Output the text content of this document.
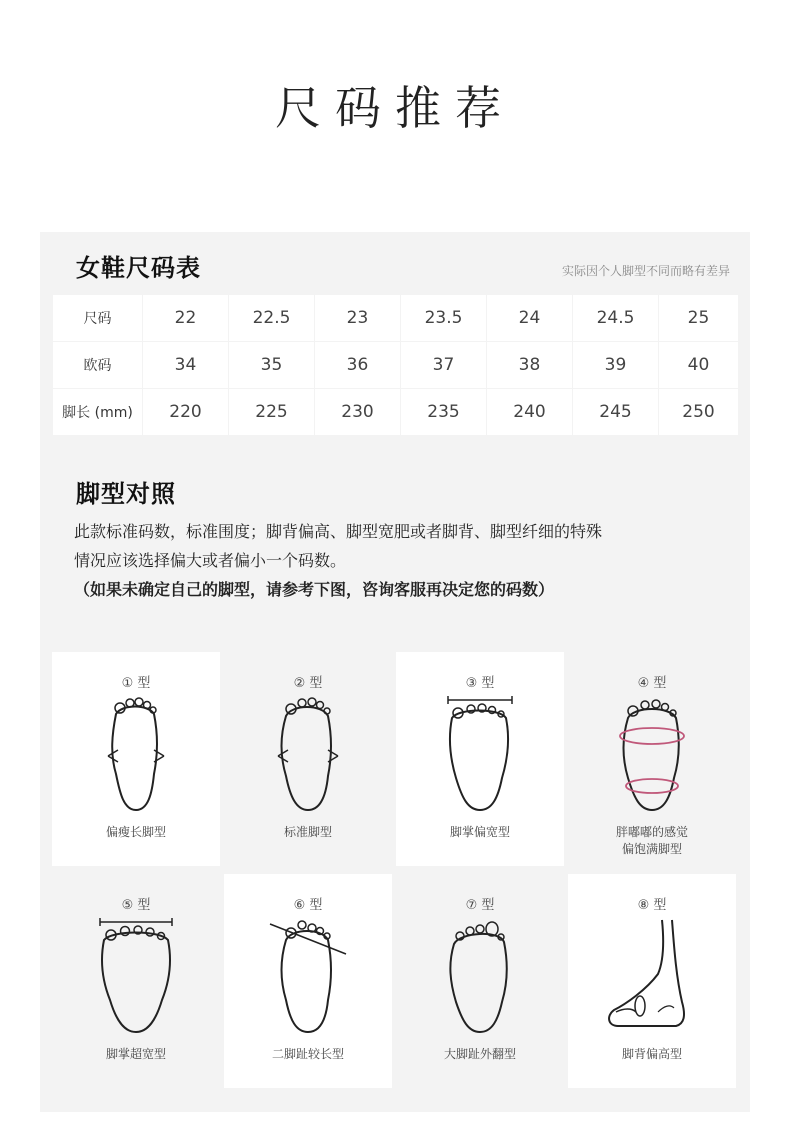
尺码推荐
女鞋尺码表	实际因个人脚型不同而略有差异
尺码	22	22.5	23	23.5	24	24.5	25
欧码	34	35	36	37	38	39	40
脚长 (mm)	220	225	230	235	240	245	250
脚型对照
此款标准码数，标准围度；脚背偏高、脚型宽肥或者脚背、脚型纤细的特殊
情况应该选择偏大或者偏小一个码数。
（如果未确定自己的脚型，请参考下图，咨询客服再决定您的码数）
① 型
偏瘦长脚型
② 型
标准脚型
③ 型
脚掌偏宽型
④ 型
胖嘟嘟的感觉
偏饱满脚型
⑤ 型
脚掌超宽型
⑥ 型
二脚趾较长型
⑦ 型
大脚趾外翻型
⑧ 型
脚背偏高型
